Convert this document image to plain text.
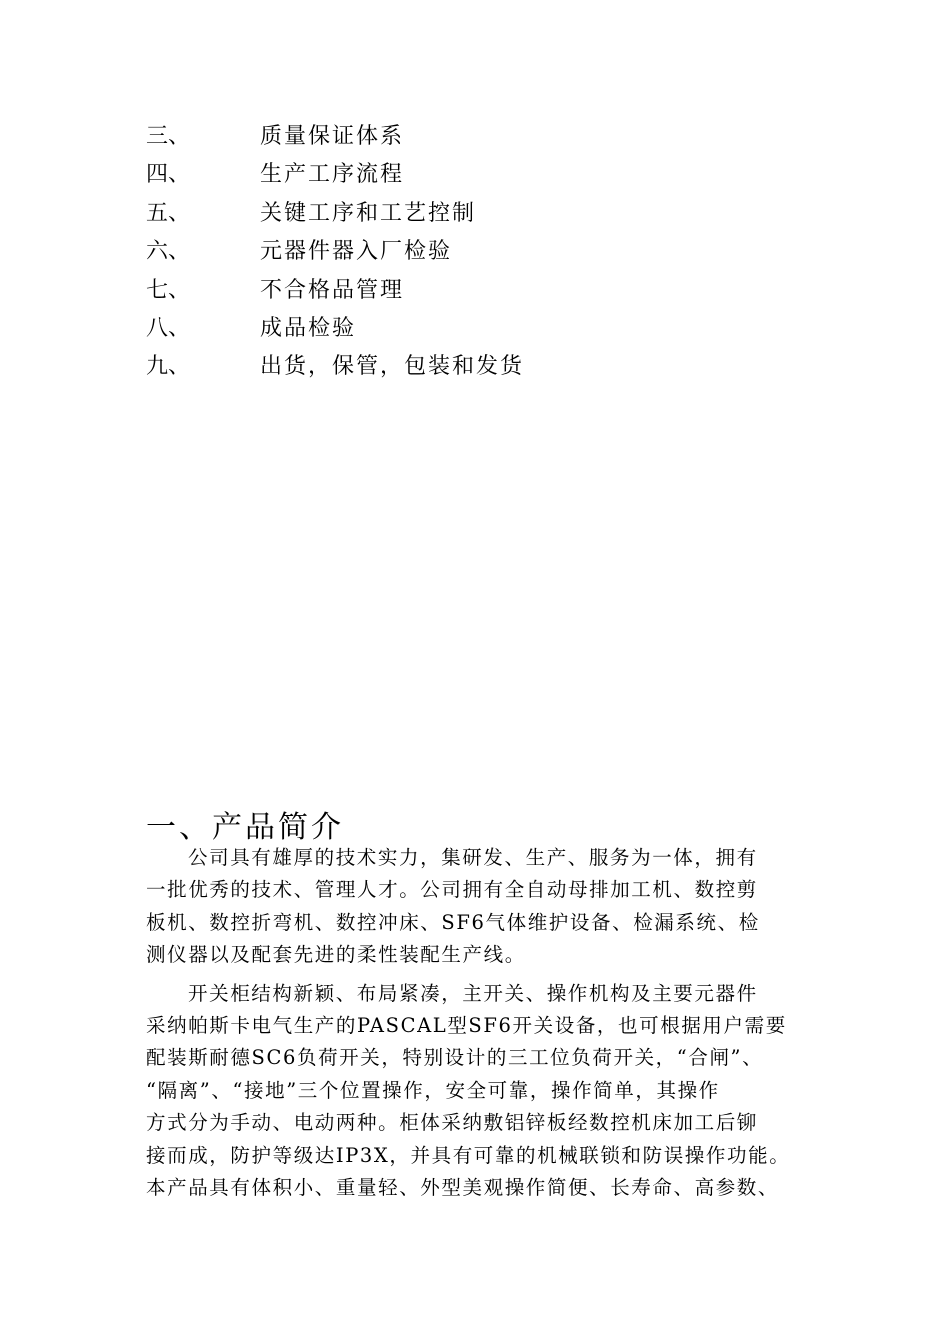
三、	质量保证体系
四、	生产工序流程
五、	关键工序和工艺控制
六、	元器件器入厂检验
七、	不合格品管理
八、	成品检验
九、	出货，保管，包装和发货
一、产品简介
公司具有雄厚的技术实力，集研发、生产、服务为一体，拥有
一批优秀的技术、管理人才。公司拥有全自动母排加工机、数控剪
板机、数控折弯机、数控冲床、SF6气体维护设备、检漏系统、检
测仪器以及配套先进的柔性装配生产线。
开关柜结构新颖、布局紧凑，主开关、操作机构及主要元器件
采纳帕斯卡电气生产的PASCAL型SF6开关设备，也可根据用户需要
配装斯耐德SC6负荷开关，特别设计的三工位负荷开关，“合闸”、
“隔离”、“接地”三个位置操作，安全可靠，操作简单，其操作
方式分为手动、电动两种。柜体采纳敷铝锌板经数控机床加工后铆
接而成，防护等级达IP3X，并具有可靠的机械联锁和防误操作功能。
本产品具有体积小、重量轻、外型美观操作简便、长寿命、高参数、
